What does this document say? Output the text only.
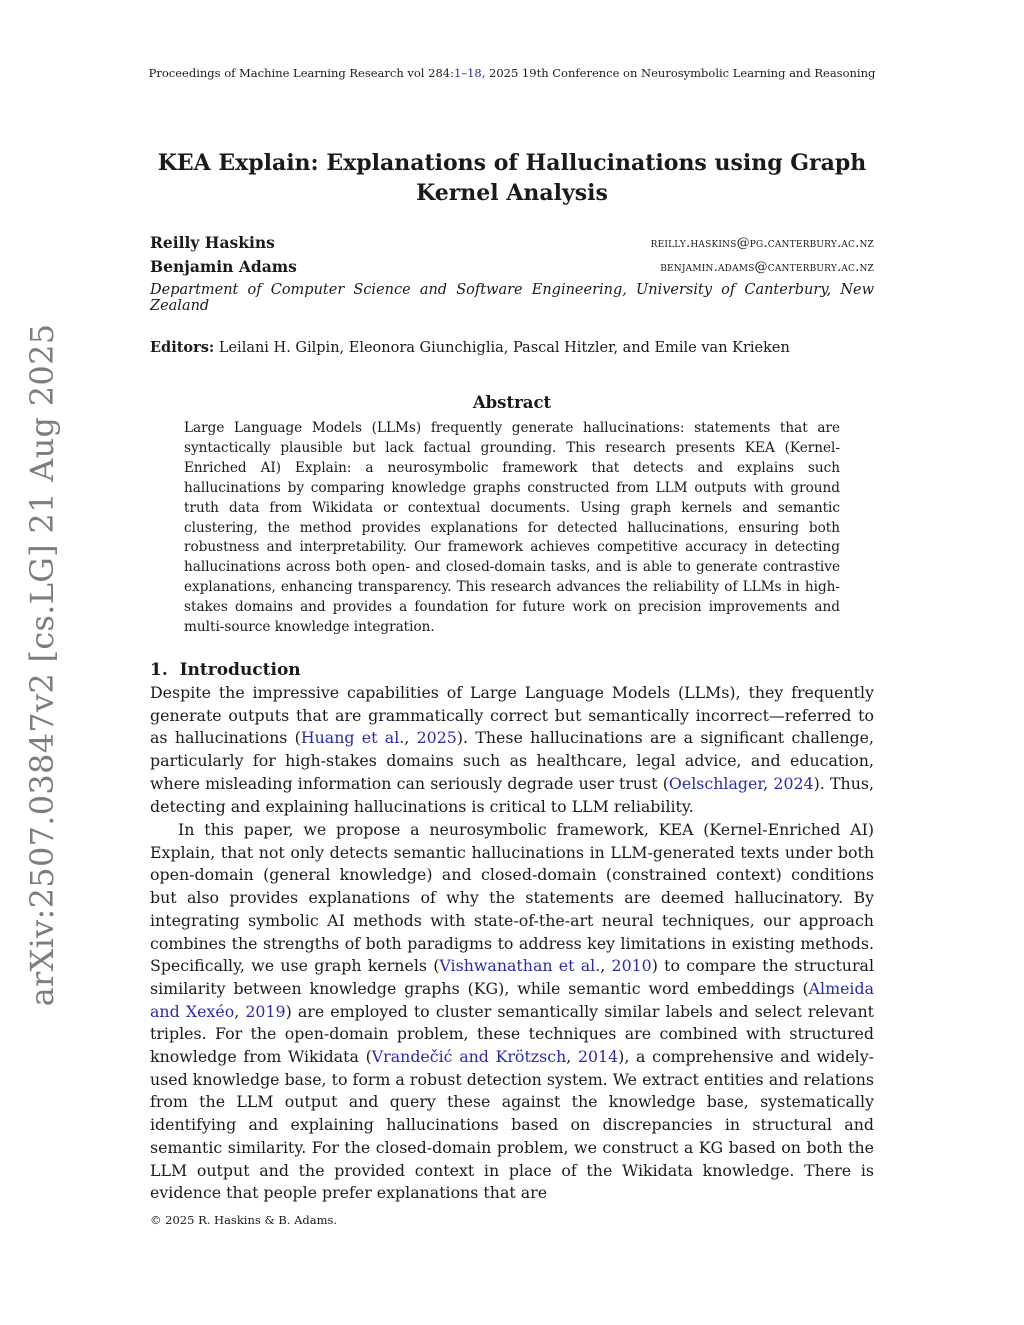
Proceedings of Machine Learning Research vol 284:1–18, 2025 19th Conference on Neurosymbolic Learning and Reasoning
KEA Explain: Explanations of Hallucinations using Graph
Kernel Analysis
Reilly Haskins	reilly.haskins@pg.canterbury.ac.nz
Benjamin Adams	benjamin.adams@canterbury.ac.nz
Department of Computer Science and Software Engineering, University of Canterbury, New Zealand
Editors: Leilani H. Gilpin, Eleonora Giunchiglia, Pascal Hitzler, and Emile van Krieken
Abstract
Large Language Models (LLMs) frequently generate hallucinations: statements that are syntactically plausible but lack factual grounding. This research presents KEA (Kernel-Enriched AI) Explain: a neurosymbolic framework that detects and explains such hallucinations by comparing knowledge graphs constructed from LLM outputs with ground truth data from Wikidata or contextual documents. Using graph kernels and semantic clustering, the method provides explanations for detected hallucinations, ensuring both robustness and interpretability. Our framework achieves competitive accuracy in detecting hallucinations across both open- and closed-domain tasks, and is able to generate contrastive explanations, enhancing transparency. This research advances the reliability of LLMs in high-stakes domains and provides a foundation for future work on precision improvements and multi-source knowledge integration.
1. Introduction
Despite the impressive capabilities of Large Language Models (LLMs), they frequently generate outputs that are grammatically correct but semantically incorrect—referred to as hallucinations (Huang et al., 2025). These hallucinations are a significant challenge, particularly for high-stakes domains such as healthcare, legal advice, and education, where misleading information can seriously degrade user trust (Oelschlager, 2024). Thus, detecting and explaining hallucinations is critical to LLM reliability.
In this paper, we propose a neurosymbolic framework, KEA (Kernel-Enriched AI) Explain, that not only detects semantic hallucinations in LLM-generated texts under both open-domain (general knowledge) and closed-domain (constrained context) conditions but also provides explanations of why the statements are deemed hallucinatory. By integrating symbolic AI methods with state-of-the-art neural techniques, our approach combines the strengths of both paradigms to address key limitations in existing methods. Specifically, we use graph kernels (Vishwanathan et al., 2010) to compare the structural similarity between knowledge graphs (KG), while semantic word embeddings (Almeida and Xexéo, 2019) are employed to cluster semantically similar labels and select relevant triples. For the open-domain problem, these techniques are combined with structured knowledge from Wikidata (Vrandečić and Krötzsch, 2014), a comprehensive and widely-used knowledge base, to form a robust detection system. We extract entities and relations from the LLM output and query these against the knowledge base, systematically identifying and explaining hallucinations based on discrepancies in structural and semantic similarity. For the closed-domain problem, we construct a KG based on both the LLM output and the provided context in place of the Wikidata knowledge. There is evidence that people prefer explanations that are
© 2025 R. Haskins & B. Adams.
arXiv:2507.03847v2 [cs.LG] 21 Aug 2025
